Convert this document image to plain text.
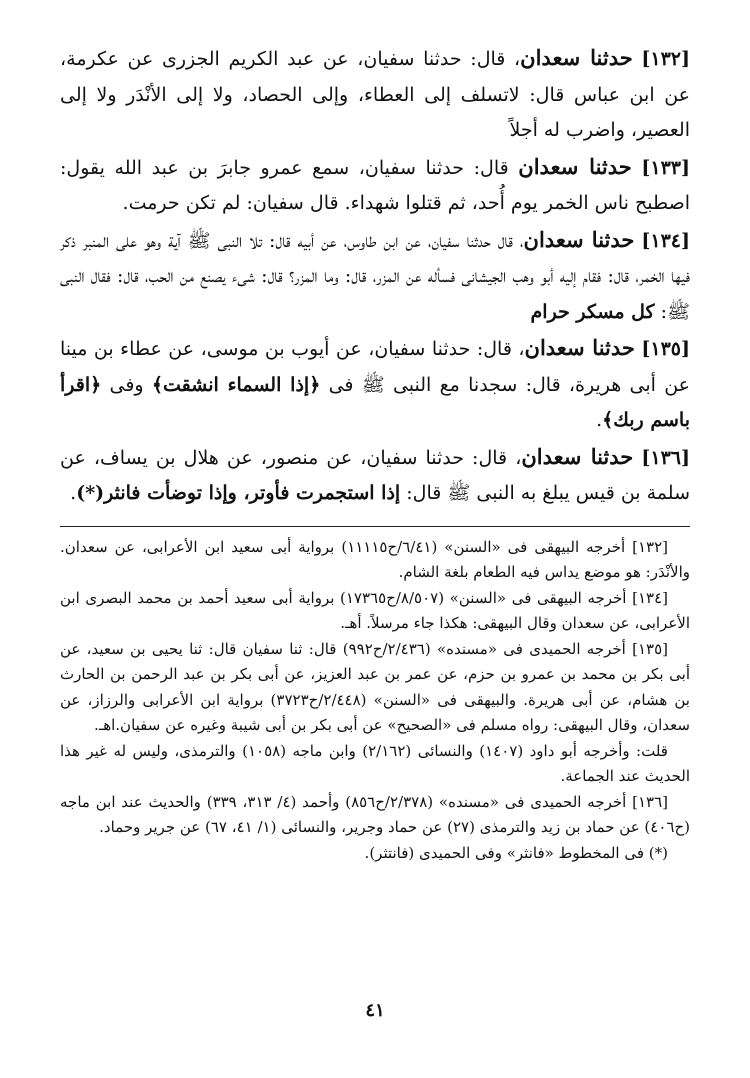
[١٣٢] حدثنا سعدان، قال: حدثنا سفيان، عن عبد الكريم الجزرى عن عكرمة، عن ابن عباس قال: لاتسلف إلى العطاء، وإلى الحصاد، ولا إلى الأنْدَر ولا إلى العصير، واضرب له أجلاً

[١٣٣] حدثنا سعدان قال: حدثنا سفيان، سمع عمرو جابرَ بن عبد الله يقول: اصطبح ناس الخمر يوم أُحد، ثم قتلوا شهداء. قال سفيان: لم تكن حرمت.

[١٣٤] حدثنا سعدان، قال حدثنا سفيان، عن ابن طاوس، عن أبيه قال: تلا النبى ﷺ آية وهو على المنبر ذكر فيها الخمر، قال: فقام إليه أبو وهب الجيشانى فسأله عن المزر، قال: وما المزر؟ قال: شىء يصنع من الحب، قال: فقال النبى ﷺ: كل مسكر حرام

[١٣٥] حدثنا سعدان، قال: حدثنا سفيان، عن أيوب بن موسى، عن عطاء بن مينا عن أبى هريرة، قال: سجدنا مع النبى ﷺ فى ﴿إذا السماء انشقت﴾ وفى ﴿اقرأ باسم ربك﴾.

[١٣٦] حدثنا سعدان، قال: حدثنا سفيان، عن منصور، عن هلال بن يساف، عن سلمة بن قيس يبلغ به النبى ﷺ قال: إذا استجمرت فأوتر، وإذا توضأت فانثر(*).

[١٣٢] أخرجه البيهقى فى «السنن» (٦/٤١/ح١١١١٥) برواية أبى سعيد ابن الأعرابى، عن سعدان. والأنْدَر: هو موضع يداس فيه الطعام بلغة الشام.

[١٣٤] أخرجه البيهقى فى «السنن» (٨/٥٠٧/ح١٧٣٦٥) برواية أبى سعيد أحمد بن محمد البصرى ابن الأعرابى، عن سعدان وقال البيهقى: هكذا جاء مرسلاً. أهـ.

[١٣٥] أخرجه الحميدى فى «مسنده» (٢/٤٣٦/ح٩٩٢) قال: ثنا سفيان قال: ثنا يحيى بن سعيد، عن أبى بكر بن محمد بن عمرو بن حزم، عن عمر بن عبد العزيز، عن أبى بكر بن عبد الرحمن بن الحارث بن هشام، عن أبى هريرة. والبيهقى فى «السنن» (٢/٤٤٨/ح٣٧٢٣) برواية ابن الأعرابى والرزاز، عن سعدان، وقال البيهقى: رواه مسلم فى «الصحيح» عن أبى بكر بن أبى شيبة وغيره عن سفيان.اهـ.

قلت: وأخرجه أبو داود (١٤٠٧) والنسائى (٢/١٦٢) وابن ماجه (١٠٥٨) والترمذى، وليس له غير هذا الحديث عند الجماعة.

[١٣٦] أخرجه الحميدى فى «مسنده» (٢/٣٧٨/ح٨٥٦) وأحمد (٤/ ٣١٣، ٣٣٩) والحديث عند ابن ماجه (ح٤٠٦) عن حماد بن زيد والترمذى (٢٧) عن حماد وجرير، والنسائى (١/ ٤١، ٦٧) عن جرير وحماد.

(*) فى المخطوط «فانثر» وفى الحميدى (فانتثر).

٤١
